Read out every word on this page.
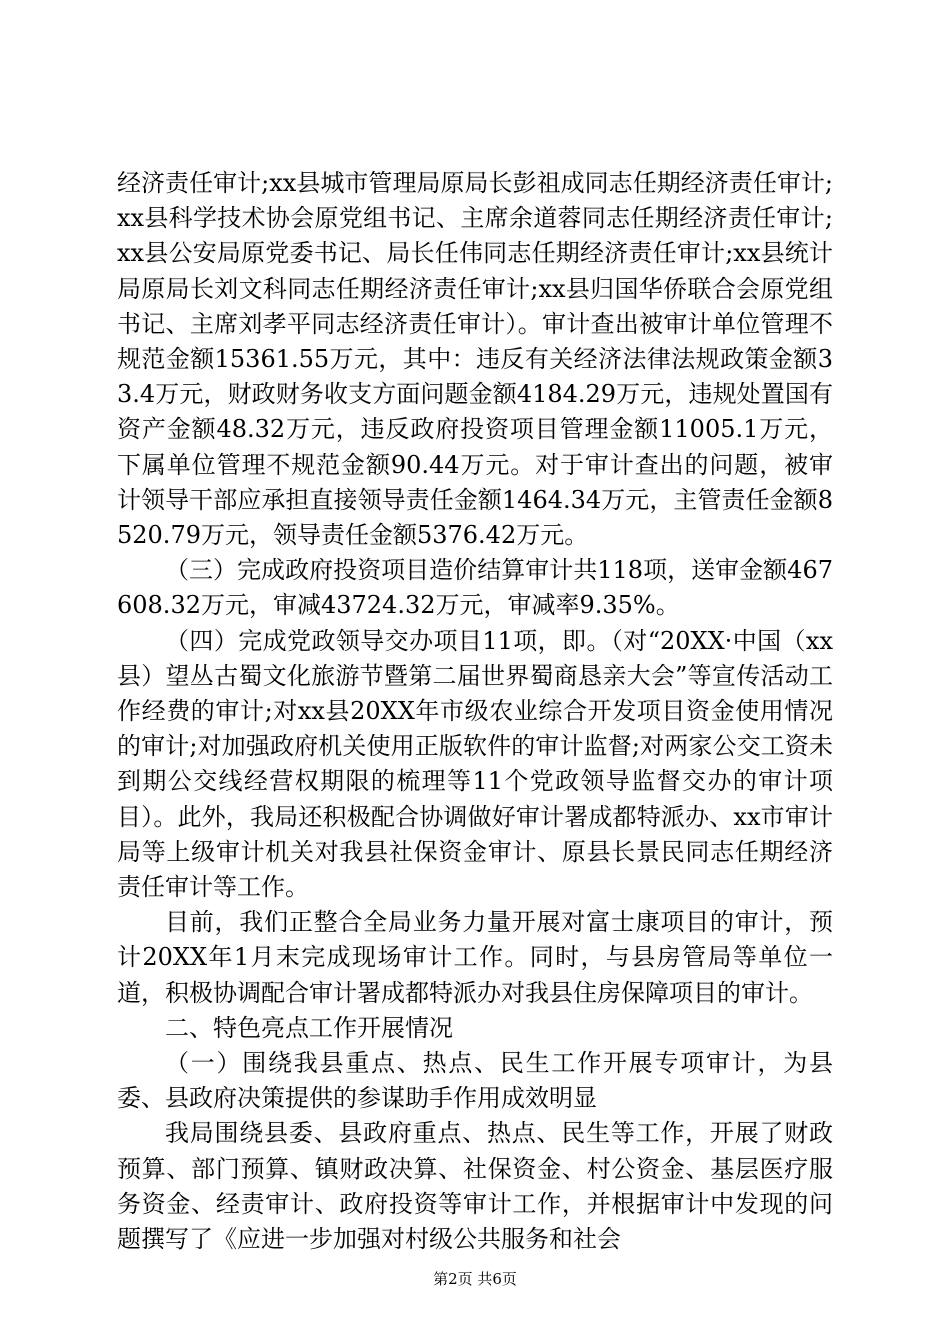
经济责任审计;xx县城市管理局原局长彭祖成同志任期经济责任审计;xx县科学技术协会原党组书记、主席余道蓉同志任期经济责任审计;xx县公安局原党委书记、局长任伟同志任期经济责任审计;xx县统计局原局长刘文科同志任期经济责任审计;xx县归国华侨联合会原党组书记、主席刘孝平同志经济责任审计）。审计查出被审计单位管理不规范金额15361.55万元，其中：违反有关经济法律法规政策金额33.4万元，财政财务收支方面问题金额4184.29万元，违规处置国有资产金额48.32万元，违反政府投资项目管理金额11005.1万元，下属单位管理不规范金额90.44万元。对于审计查出的问题，被审计领导干部应承担直接领导责任金额1464.34万元，主管责任金额8520.79万元，领导责任金额5376.42万元。

（三）完成政府投资项目造价结算审计共118项，送审金额467608.32万元，审减43724.32万元，审减率9.35%。

（四）完成党政领导交办项目11项，即。（对“20XX·中国（xx县）望丛古蜀文化旅游节暨第二届世界蜀商恳亲大会”等宣传活动工作经费的审计;对xx县20XX年市级农业综合开发项目资金使用情况的审计;对加强政府机关使用正版软件的审计监督;对两家公交工资未到期公交线经营权期限的梳理等11个党政领导监督交办的审计项目）。此外，我局还积极配合协调做好审计署成都特派办、xx市审计局等上级审计机关对我县社保资金审计、原县长景民同志任期经济责任审计等工作。

目前，我们正整合全局业务力量开展对富士康项目的审计，预计20XX年1月末完成现场审计工作。同时，与县房管局等单位一道，积极协调配合审计署成都特派办对我县住房保障项目的审计。

二、特色亮点工作开展情况

（一）围绕我县重点、热点、民生工作开展专项审计，为县委、县政府决策提供的参谋助手作用成效明显

我局围绕县委、县政府重点、热点、民生等工作，开展了财政预算、部门预算、镇财政决算、社保资金、村公资金、基层医疗服务资金、经责审计、政府投资等审计工作，并根据审计中发现的问题撰写了《应进一步加强对村级公共服务和社会

第2页 共6页
